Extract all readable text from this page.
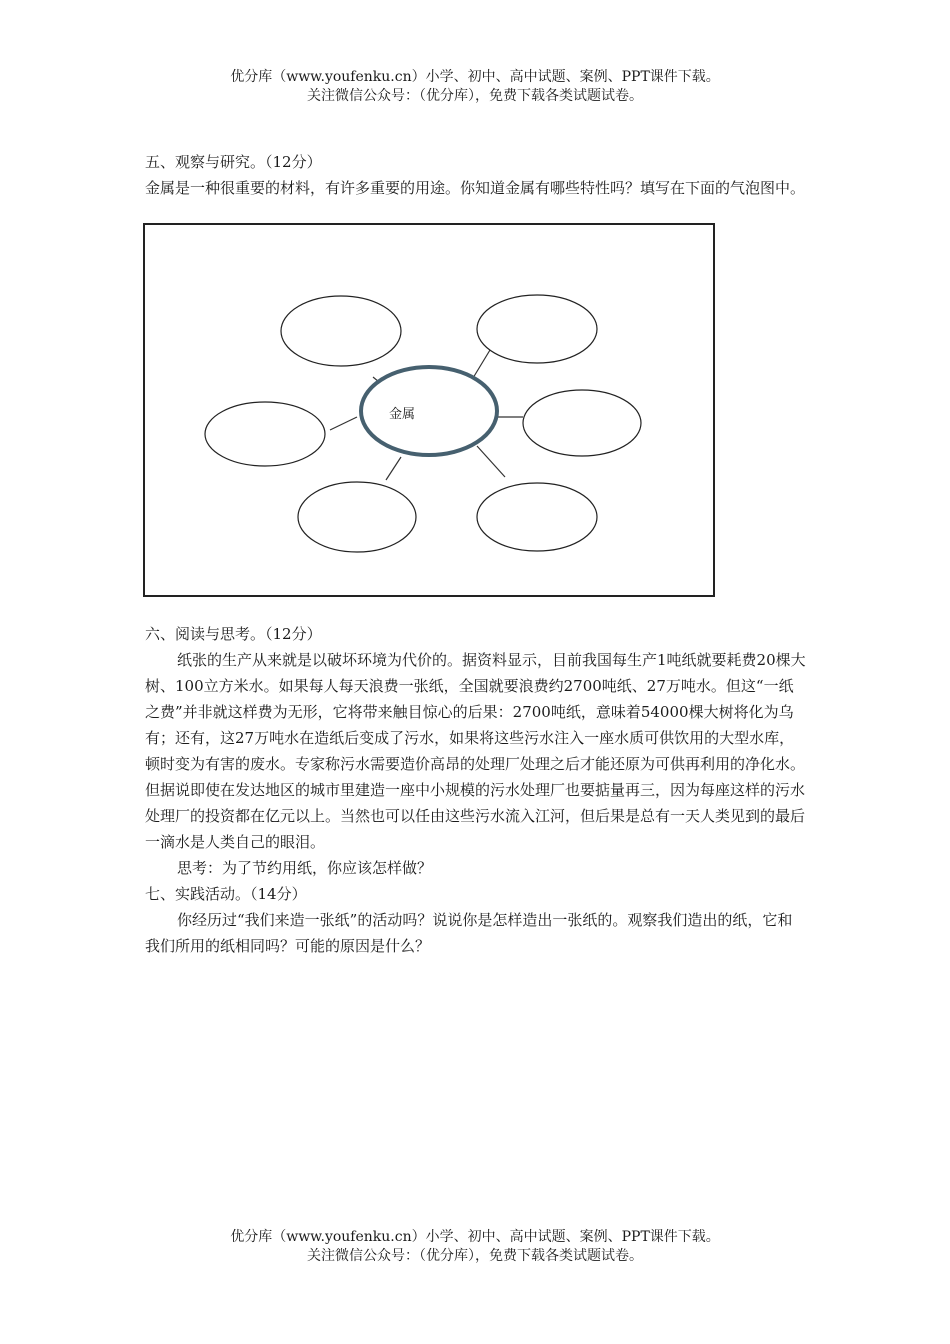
优分库（www.youfenku.cn）小学、初中、高中试题、案例、PPT课件下载。
关注微信公众号：（优分库），免费下载各类试题试卷。

五、观察与研究。（12分）

金属是一种很重要的材料，有许多重要的用途。你知道金属有哪些特性吗？填写在下面的气泡图中。

金属

六、阅读与思考。（12分）

纸张的生产从来就是以破坏环境为代价的。据资料显示，目前我国每生产1吨纸就要耗费20棵大树、100立方米水。如果每人每天浪费一张纸，全国就要浪费约2700吨纸、27万吨水。但这“一纸之费”并非就这样费为无形，它将带来触目惊心的后果：2700吨纸，意味着54000棵大树将化为乌有；还有，这27万吨水在造纸后变成了污水，如果将这些污水注入一座水质可供饮用的大型水库，顿时变为有害的废水。专家称污水需要造价高昂的处理厂处理之后才能还原为可供再利用的净化水。但据说即使在发达地区的城市里建造一座中小规模的污水处理厂也要掂量再三，因为每座这样的污水处理厂的投资都在亿元以上。当然也可以任由这些污水流入江河，但后果是总有一天人类见到的最后一滴水是人类自己的眼泪。

思考：为了节约用纸，你应该怎样做？

七、实践活动。（14分）

你经历过“我们来造一张纸”的活动吗？说说你是怎样造出一张纸的。观察我们造出的纸，它和我们所用的纸相同吗？可能的原因是什么？

优分库（www.youfenku.cn）小学、初中、高中试题、案例、PPT课件下载。
关注微信公众号：（优分库），免费下载各类试题试卷。
